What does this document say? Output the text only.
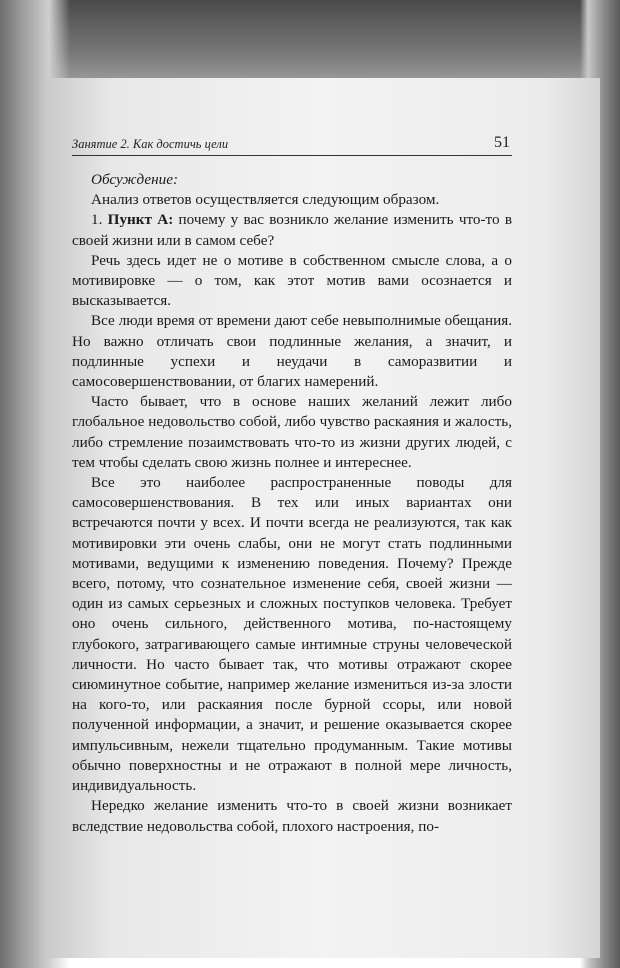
Занятие 2. Как достичь цели	51

Обсуждение:

Анализ ответов осуществляется следующим образом.

1. Пункт А: почему у вас возникло желание изменить что-то в своей жизни или в самом себе?

Речь здесь идет не о мотиве в собственном смысле слова, а о мотивировке — о том, как этот мотив вами осознается и высказывается.

Все люди время от времени дают себе невыполнимые обещания. Но важно отличать свои подлинные желания, а значит, и подлинные успехи и неудачи в саморазвитии и самосовершенствовании, от благих намерений.

Часто бывает, что в основе наших желаний лежит либо глобальное недовольство собой, либо чувство раскаяния и жалость, либо стремление позаимствовать что-то из жизни других людей, с тем чтобы сделать свою жизнь полнее и интереснее.

Все это наиболее распространенные поводы для самосовершенствования. В тех или иных вариантах они встречаются почти у всех. И почти всегда не реализуются, так как мотивировки эти очень слабы, они не могут стать подлинными мотивами, ведущими к изменению поведения. Почему? Прежде всего, потому, что сознательное изменение себя, своей жизни — один из самых серьезных и сложных поступков человека. Требует оно очень сильного, действенного мотива, по-настоящему глубокого, затрагивающего самые интимные струны человеческой личности. Но часто бывает так, что мотивы отражают скорее сиюминутное событие, например желание измениться из-за злости на кого-то, или раскаяния после бурной ссоры, или новой полученной информации, а значит, и решение оказывается скорее импульсивным, нежели тщательно продуманным. Такие мотивы обычно поверхностны и не отражают в полной мере личность, индивидуальность.

Нередко желание изменить что-то в своей жизни возникает вследствие недовольства собой, плохого настроения, по-
